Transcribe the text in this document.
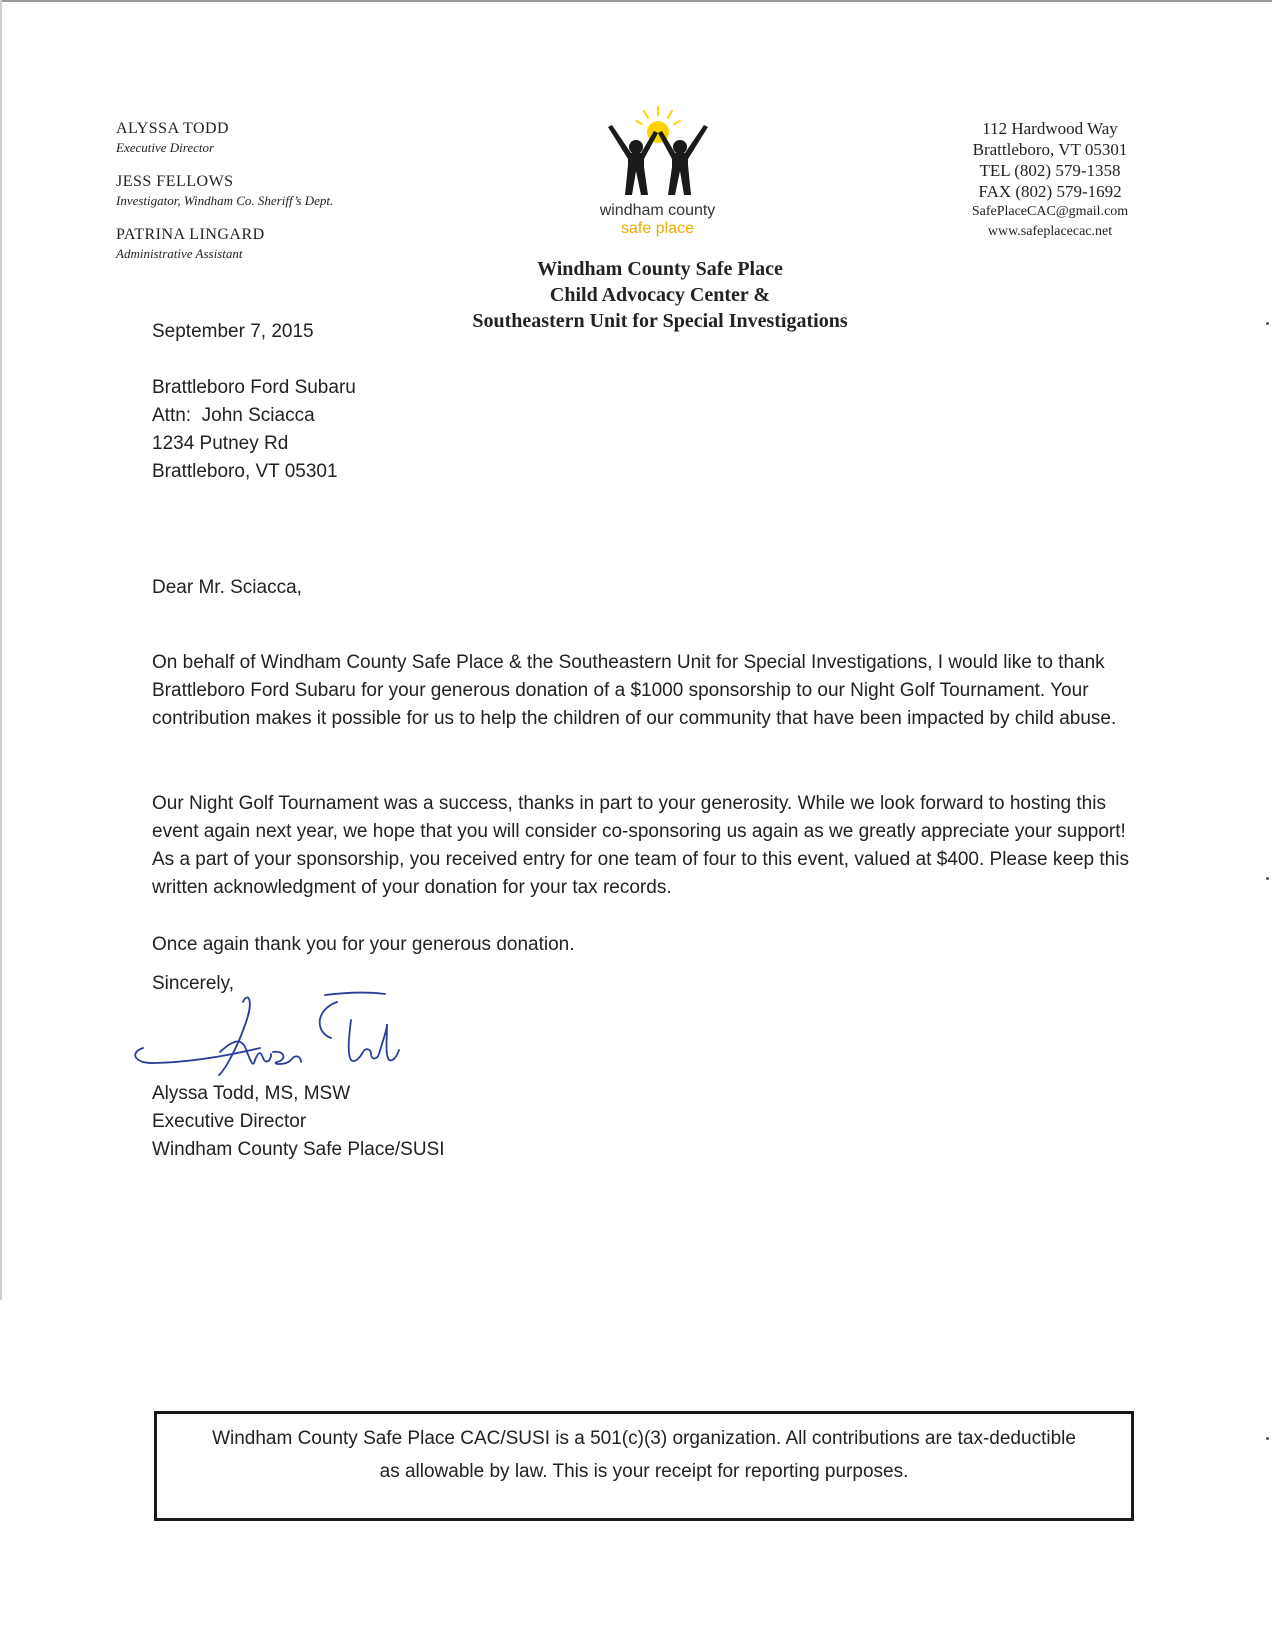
ALYSSA TODD
Executive Director
JESS FELLOWS
Investigator, Windham Co. Sheriff’s Dept.
PATRINA LINGARD
Administrative Assistant
windham county
safe place
Windham County Safe Place
Child Advocacy Center &
Southeastern Unit for Special Investigations
112 Hardwood Way
Brattleboro, VT 05301
TEL (802) 579-1358
FAX (802) 579-1692
SafePlaceCAC@gmail.com
www.safeplacecac.net
September 7, 2015
Brattleboro Ford Subaru
Attn:  John Sciacca
1234 Putney Rd
Brattleboro, VT 05301
Dear Mr. Sciacca,

On behalf of Windham County Safe Place & the Southeastern Unit for Special Investigations, I would like to thank Brattleboro Ford Subaru for your generous donation of a $1000 sponsorship to our Night Golf Tournament. Your contribution makes it possible for us to help the children of our community that have been impacted by child abuse.

Our Night Golf Tournament was a success, thanks in part to your generosity. While we look forward to hosting this event again next year, we hope that you will consider co-sponsoring us again as we greatly appreciate your support! As a part of your sponsorship, you received entry for one team of four to this event, valued at $400. Please keep this written acknowledgment of your donation for your tax records.

Once again thank you for your generous donation.

Sincerely,
Alyssa Todd, MS, MSW
Executive Director
Windham County Safe Place/SUSI
Windham County Safe Place CAC/SUSI is a 501(c)(3) organization. All contributions are tax-deductible
as allowable by law. This is your receipt for reporting purposes.
